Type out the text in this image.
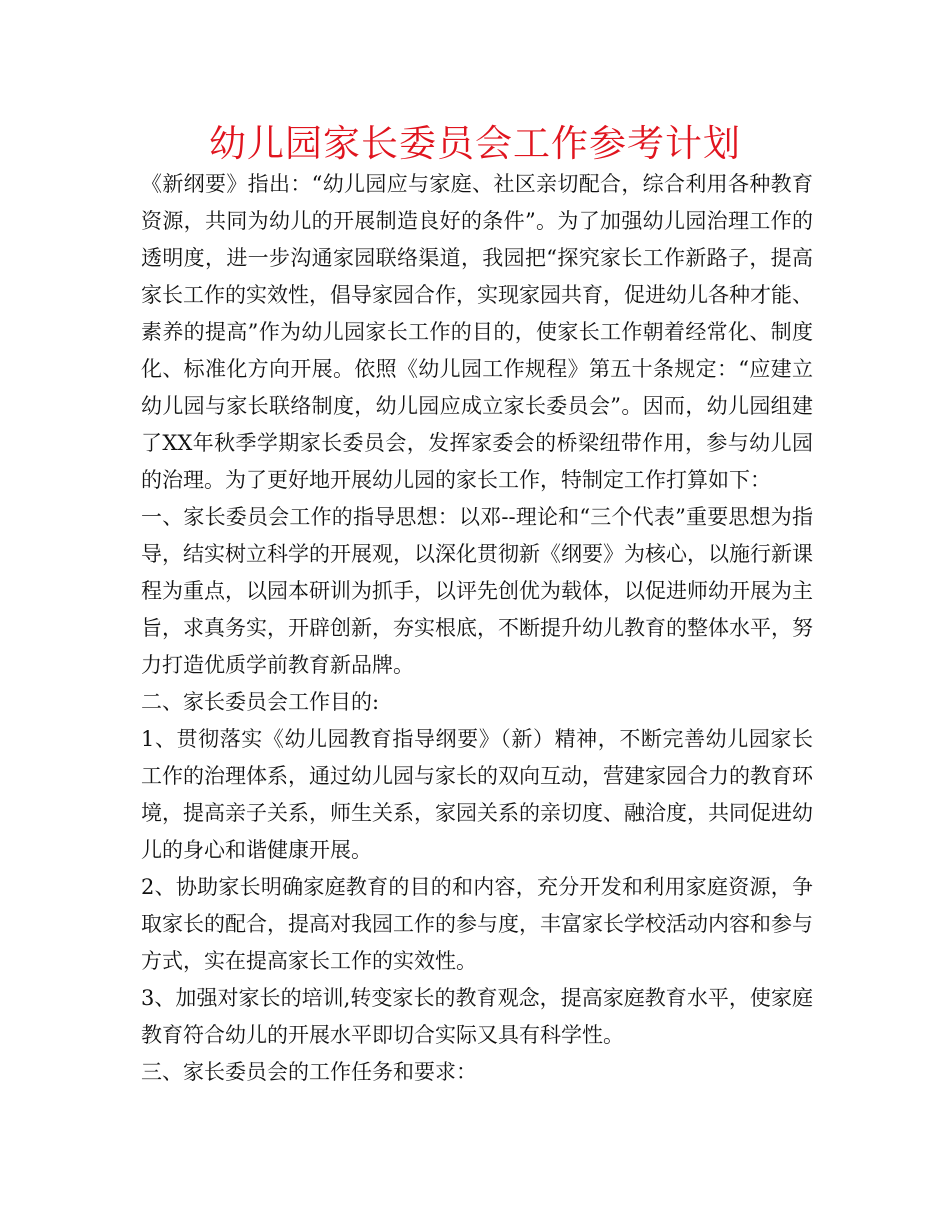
幼儿园家长委员会工作参考计划

《新纲要》指出：“幼儿园应与家庭、社区亲切配合，综合利用各种教育资源，共同为幼儿的开展制造良好的条件”。为了加强幼儿园治理工作的透明度，进一步沟通家园联络渠道，我园把“探究家长工作新路子，提高家长工作的实效性，倡导家园合作，实现家园共育，促进幼儿各种才能、素养的提高”作为幼儿园家长工作的目的，使家长工作朝着经常化、制度化、标准化方向开展。依照《幼儿园工作规程》第五十条规定：“应建立幼儿园与家长联络制度，幼儿园应成立家长委员会”。因而，幼儿园组建了XX年秋季学期家长委员会，发挥家委会的桥梁纽带作用，参与幼儿园的治理。为了更好地开展幼儿园的家长工作，特制定工作打算如下：

一、家长委员会工作的指导思想：以邓--理论和“三个代表”重要思想为指导，结实树立科学的开展观，以深化贯彻新《纲要》为核心，以施行新课程为重点，以园本研训为抓手，以评先创优为载体，以促进师幼开展为主旨，求真务实，开辟创新，夯实根底，不断提升幼儿教育的整体水平，努力打造优质学前教育新品牌。

二、家长委员会工作目的:

1、贯彻落实《幼儿园教育指导纲要》（新）精神，不断完善幼儿园家长工作的治理体系，通过幼儿园与家长的双向互动，营建家园合力的教育环境，提高亲子关系，师生关系，家园关系的亲切度、融洽度，共同促进幼儿的身心和谐健康开展。

2、协助家长明确家庭教育的目的和内容，充分开发和利用家庭资源，争取家长的配合，提高对我园工作的参与度，丰富家长学校活动内容和参与方式，实在提高家长工作的实效性。

3、加强对家长的培训,转变家长的教育观念，提高家庭教育水平，使家庭教育符合幼儿的开展水平即切合实际又具有科学性。

三、家长委员会的工作任务和要求：
